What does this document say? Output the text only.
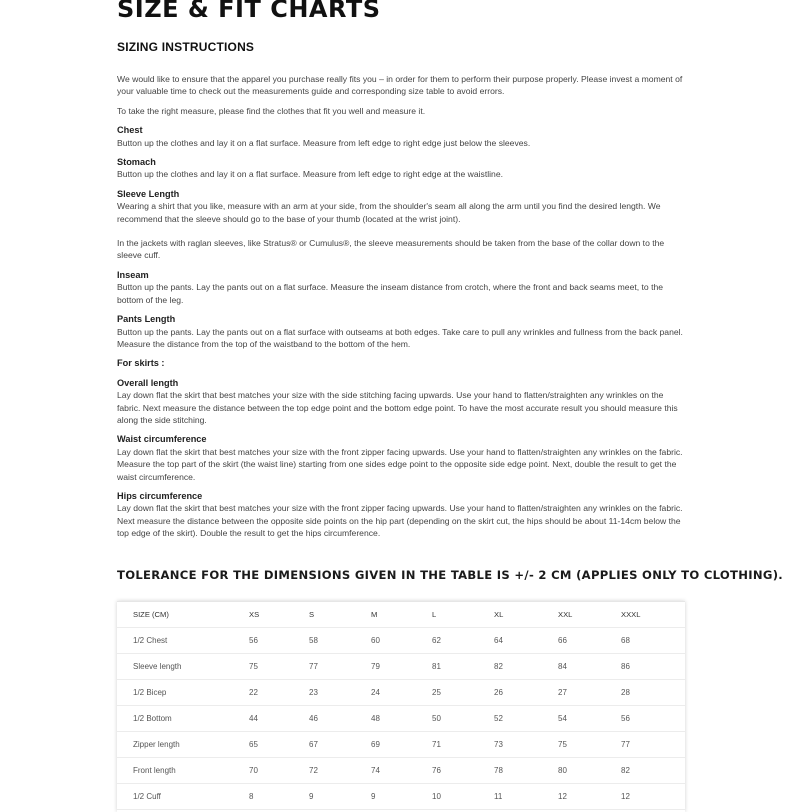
SIZE & FIT CHARTS
SIZING INSTRUCTIONS

We would like to ensure that the apparel you purchase really fits you – in order for them to perform their purpose properly. Please invest a moment of your valuable time to check out the measurements guide and corresponding size table to avoid errors.

To take the right measure, please find the clothes that fit you well and measure it.

Chest

Button up the clothes and lay it on a flat surface. Measure from left edge to right edge just below the sleeves.

Stomach

Button up the clothes and lay it on a flat surface. Measure from left edge to right edge at the waistline.

Sleeve Length

Wearing a shirt that you like, measure with an arm at your side, from the shoulder's seam all along the arm until you find the desired length. We recommend that the sleeve should go to the base of your thumb (located at the wrist joint).

In the jackets with raglan sleeves, like Stratus® or Cumulus®, the sleeve measurements should be taken from the base of the collar down to the sleeve cuff.

Inseam

Button up the pants. Lay the pants out on a flat surface. Measure the inseam distance from crotch, where the front and back seams meet, to the bottom of the leg.

Pants Length

Button up the pants. Lay the pants out on a flat surface with outseams at both edges. Take care to pull any wrinkles and fullness from the back panel. Measure the distance from the top of the waistband to the bottom of the hem.

For skirts :
Overall length

Lay down flat the skirt that best matches your size with the side stitching facing upwards. Use your hand to flatten/straighten any wrinkles on the fabric. Next measure the distance between the top edge point and the bottom edge point. To have the most accurate result you should measure this along the side stitching.

Waist circumference

Lay down flat the skirt that best matches your size with the front zipper facing upwards. Use your hand to flatten/straighten any wrinkles on the fabric. Measure the top part of the skirt (the waist line) starting from one sides edge point to the opposite side edge point. Next, double the result to get the waist circumference.

Hips circumference

Lay down flat the skirt that best matches your size with the front zipper facing upwards. Use your hand to flatten/straighten any wrinkles on the fabric. Next measure the distance between the opposite side points on the hip part (depending on the skirt cut, the hips should be about 11-14cm below the top edge of the skirt). Double the result to get the hips circumference.

TOLERANCE FOR THE DIMENSIONS GIVEN IN THE TABLE IS +/- 2 CM (APPLIES ONLY TO CLOTHING).
SIZE (CM)	XS	S	M	L	XL	XXL	XXXL
1/2 Chest	56	58	60	62	64	66	68
Sleeve length	75	77	79	81	82	84	86
1/2 Bicep	22	23	24	25	26	27	28
1/2 Bottom	44	46	48	50	52	54	56
Zipper length	65	67	69	71	73	75	77
Front length	70	72	74	76	78	80	82
1/2 Cuff	8	9	9	10	11	12	12
